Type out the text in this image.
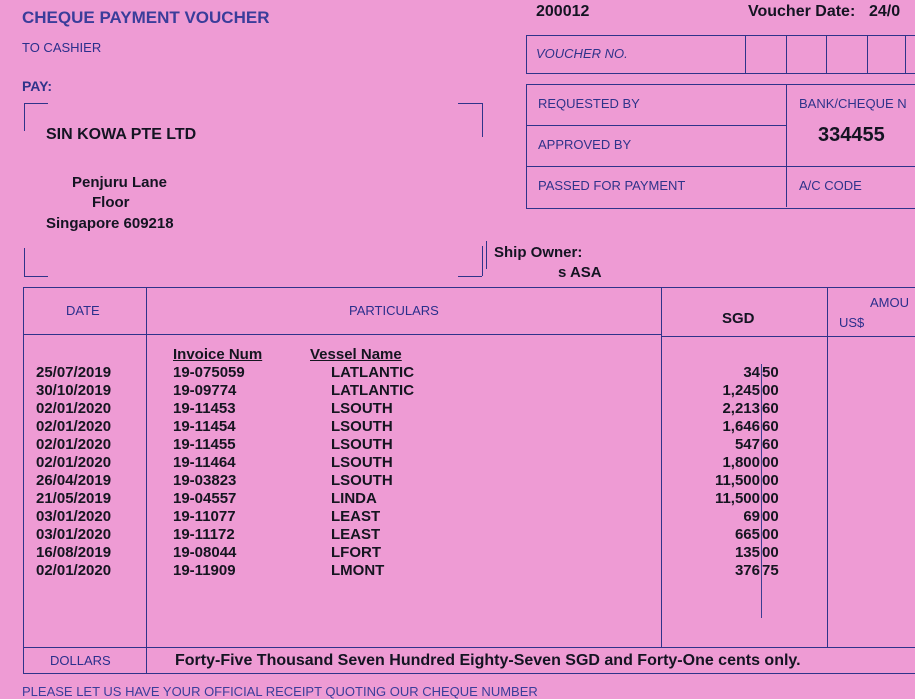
CHEQUE PAYMENT VOUCHER
TO CASHIER
PAY:
200012	Voucher Date: 24/0
SIN KOWA PTE LTD
Penjuru Lane
Floor
Singapore 609218
VOUCHER NO.
REQUESTED BY
APPROVED BY
PASSED FOR PAYMENT
BANK/CHEQUE N
334455
A/C CODE
Ship Owner:
s ASA
DATE	PARTICULARS	SGD
AMOU
US$
Invoice Num	Vessel Name
25/07/2019	19-075059	LATLANTIC	34 50
30/10/2019	19-09774	LATLANTIC	1,245 00
02/01/2020	19-11453	LSOUTH	2,213 60
02/01/2020	19-11454	LSOUTH	1,646 60
02/01/2020	19-11455	LSOUTH	547 60
02/01/2020	19-11464	LSOUTH	1,800 00
26/04/2019	19-03823	LSOUTH	11,500 00
21/05/2019	19-04557	LINDA	11,500 00
03/01/2020	19-11077	LEAST	69 00
03/01/2020	19-11172	LEAST	665 00
16/08/2019	19-08044	LFORT	135 00
02/01/2020	19-11909	LMONT	376 75
DOLLARS	Forty-Five Thousand Seven Hundred Eighty-Seven SGD and Forty-One cents only.
PLEASE LET US HAVE YOUR OFFICIAL RECEIPT QUOTING OUR CHEQUE NUMBER
